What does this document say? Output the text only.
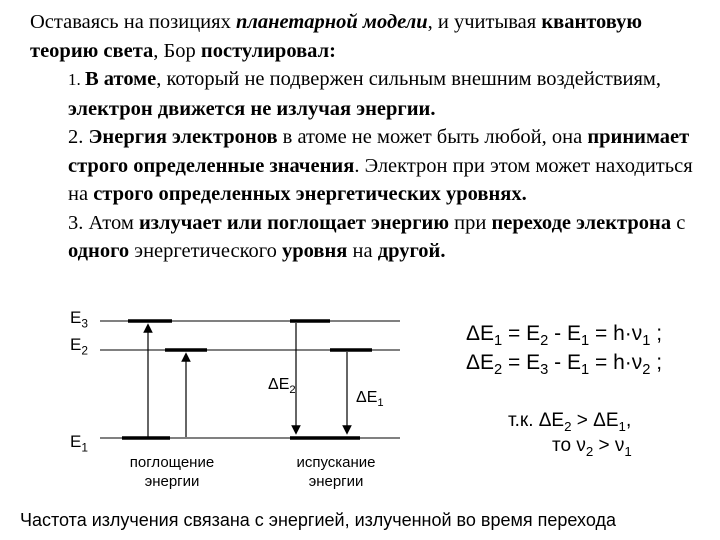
Оставаясь на позициях планетарной модели, и учитывая квантовую теорию света, Бор постулировал:

1. В атоме, который не подвержен сильным внешним воздействиям, электрон движется не излучая энергии.

2. Энергия электронов в атоме не может быть любой, она принимает строго определенные значения. Электрон при этом может находиться на строго определенных энергетических уровнях.

3. Атом излучает или поглощает энергию при переходе электрона с одного энергетического уровня на другой.

$E_3$
$E_2$
$E_1$
$\Delta E_2$	$\Delta E_1$
поглощение
энергии
испускание
энергии
$\Delta E_1 = E_2 - E_1 = h\cdot\nu_1$ ;
$\Delta E_2 = E_3 - E_1 = h\cdot\nu_2$ ;
т.к. $\Delta E_2 > \Delta E_1$,
то $\nu_2 > \nu_1$
Частота излучения связана с энергией, излученной во время перехода
